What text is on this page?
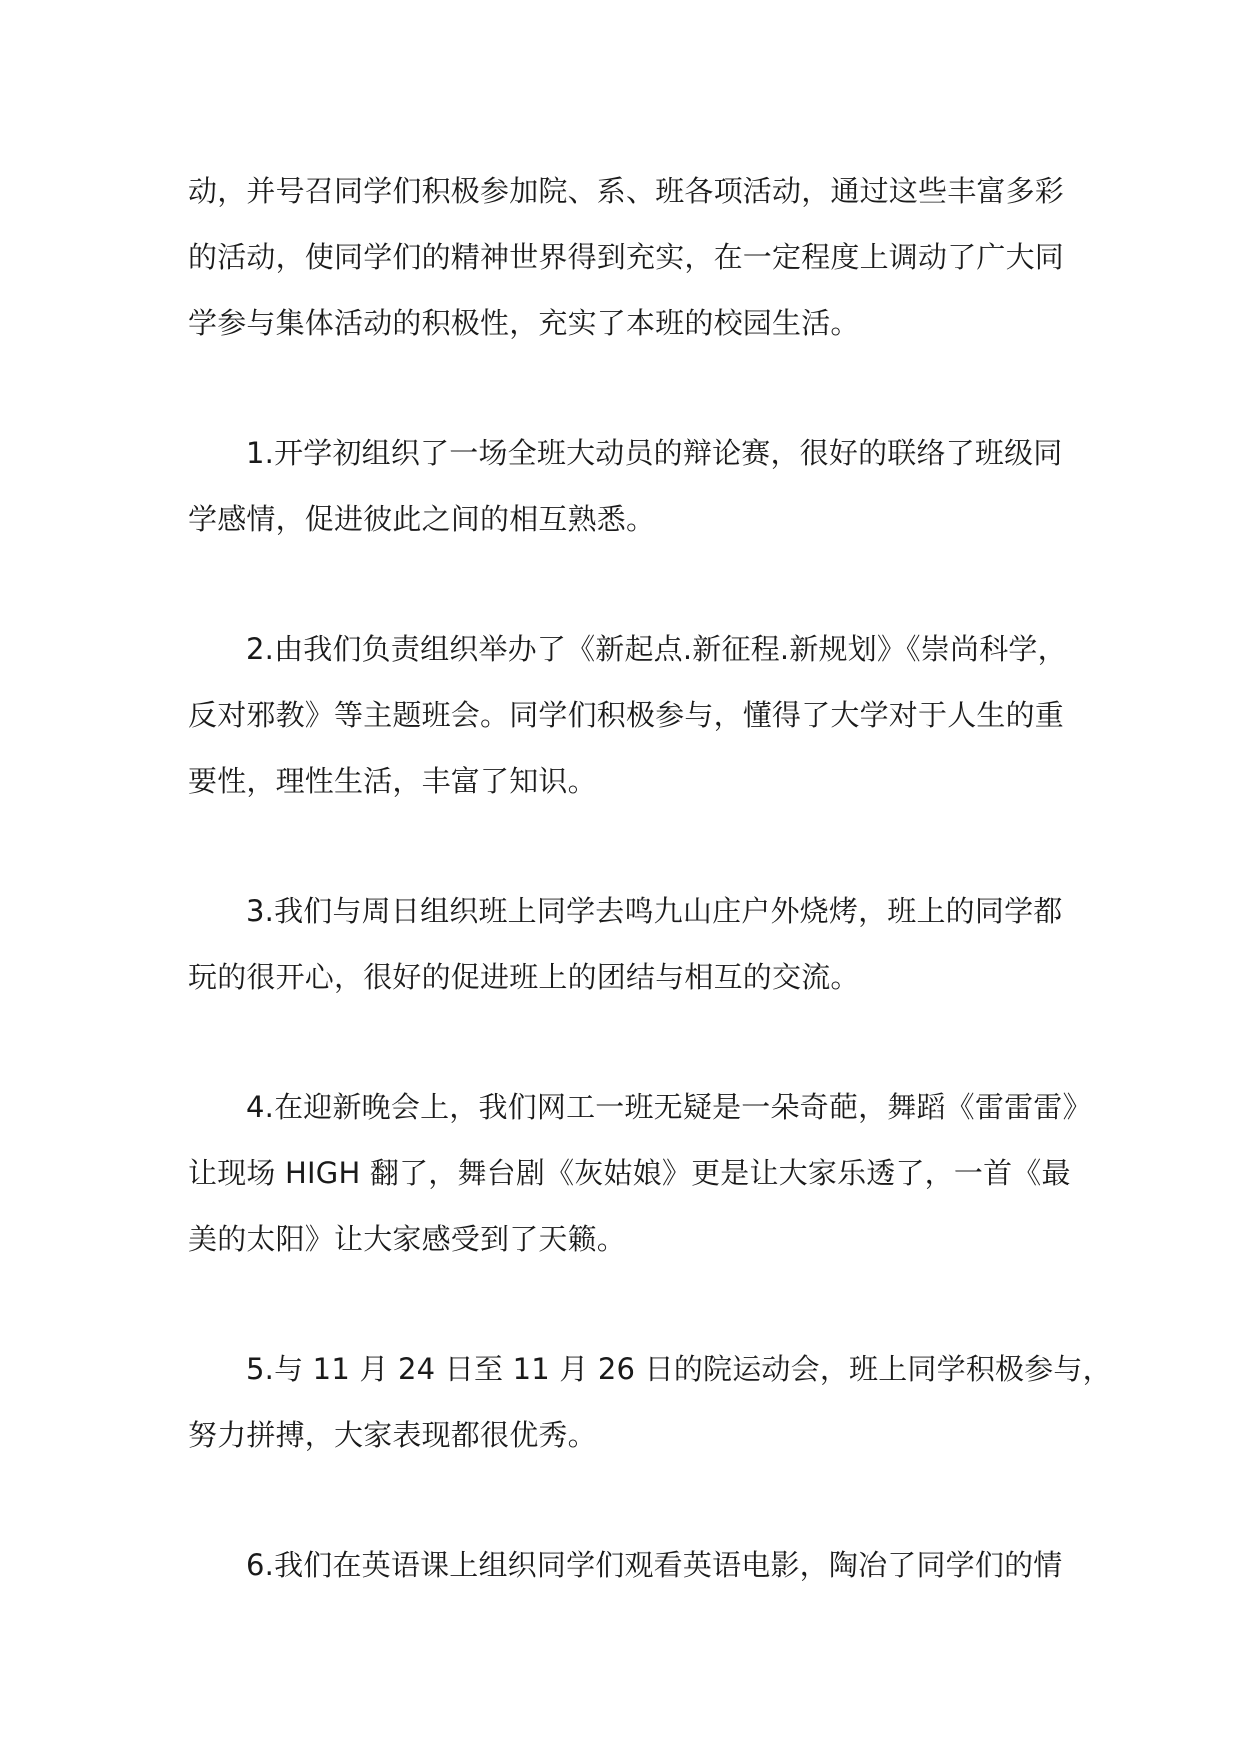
动，并号召同学们积极参加院、系、班各项活动，通过这些丰富多彩
的活动，使同学们的精神世界得到充实，在一定程度上调动了广大同
学参与集体活动的积极性，充实了本班的校园生活。
1.开学初组织了一场全班大动员的辩论赛，很好的联络了班级同
学感情，促进彼此之间的相互熟悉。
2.由我们负责组织举办了《新起点.新征程.新规划》《崇尚科学，
反对邪教》等主题班会。同学们积极参与，懂得了大学对于人生的重
要性，理性生活，丰富了知识。
3.我们与周日组织班上同学去鸣九山庄户外烧烤，班上的同学都
玩的很开心，很好的促进班上的团结与相互的交流。
4.在迎新晚会上，我们网工一班无疑是一朵奇葩，舞蹈《雷雷雷》
让现场 HIGH 翻了，舞台剧《灰姑娘》更是让大家乐透了，一首《最
美的太阳》让大家感受到了天籁。
5.与 11 月 24 日至 11 月 26 日的院运动会，班上同学积极参与，
努力拼搏，大家表现都很优秀。
6.我们在英语课上组织同学们观看英语电影，陶冶了同学们的情
